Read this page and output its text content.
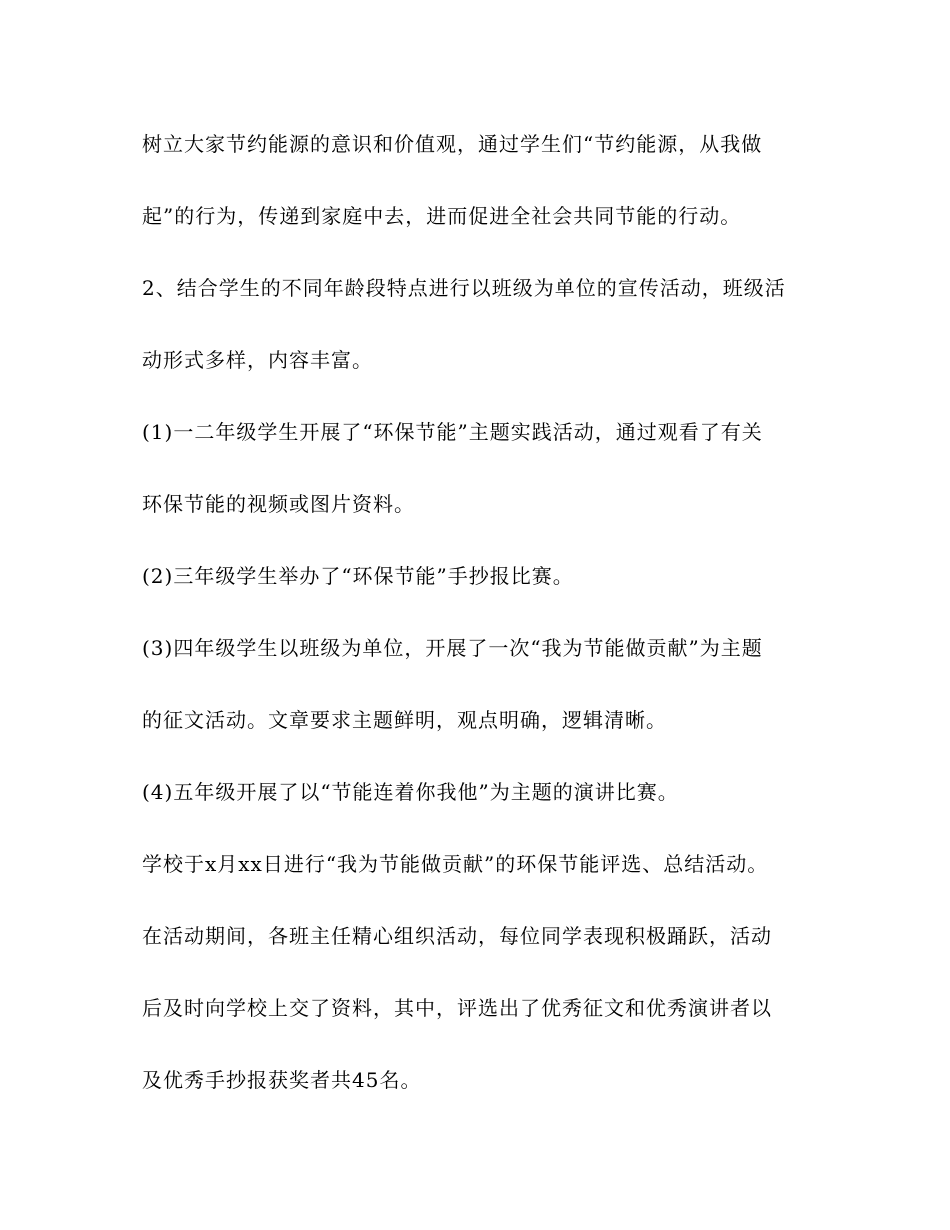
树立大家节约能源的意识和价值观，通过学生们“节约能源，从我做
起”的行为，传递到家庭中去，进而促进全社会共同节能的行动。
2、结合学生的不同年龄段特点进行以班级为单位的宣传活动，班级活
动形式多样，内容丰富。
(1)一二年级学生开展了“环保节能”主题实践活动，通过观看了有关
环保节能的视频或图片资料。
(2)三年级学生举办了“环保节能”手抄报比赛。
(3)四年级学生以班级为单位，开展了一次“我为节能做贡献”为主题
的征文活动。文章要求主题鲜明，观点明确，逻辑清晰。
(4)五年级开展了以“节能连着你我他”为主题的演讲比赛。
学校于x月xx日进行“我为节能做贡献”的环保节能评选、总结活动。
在活动期间，各班主任精心组织活动，每位同学表现积极踊跃，活动
后及时向学校上交了资料，其中，评选出了优秀征文和优秀演讲者以
及优秀手抄报获奖者共45名。
